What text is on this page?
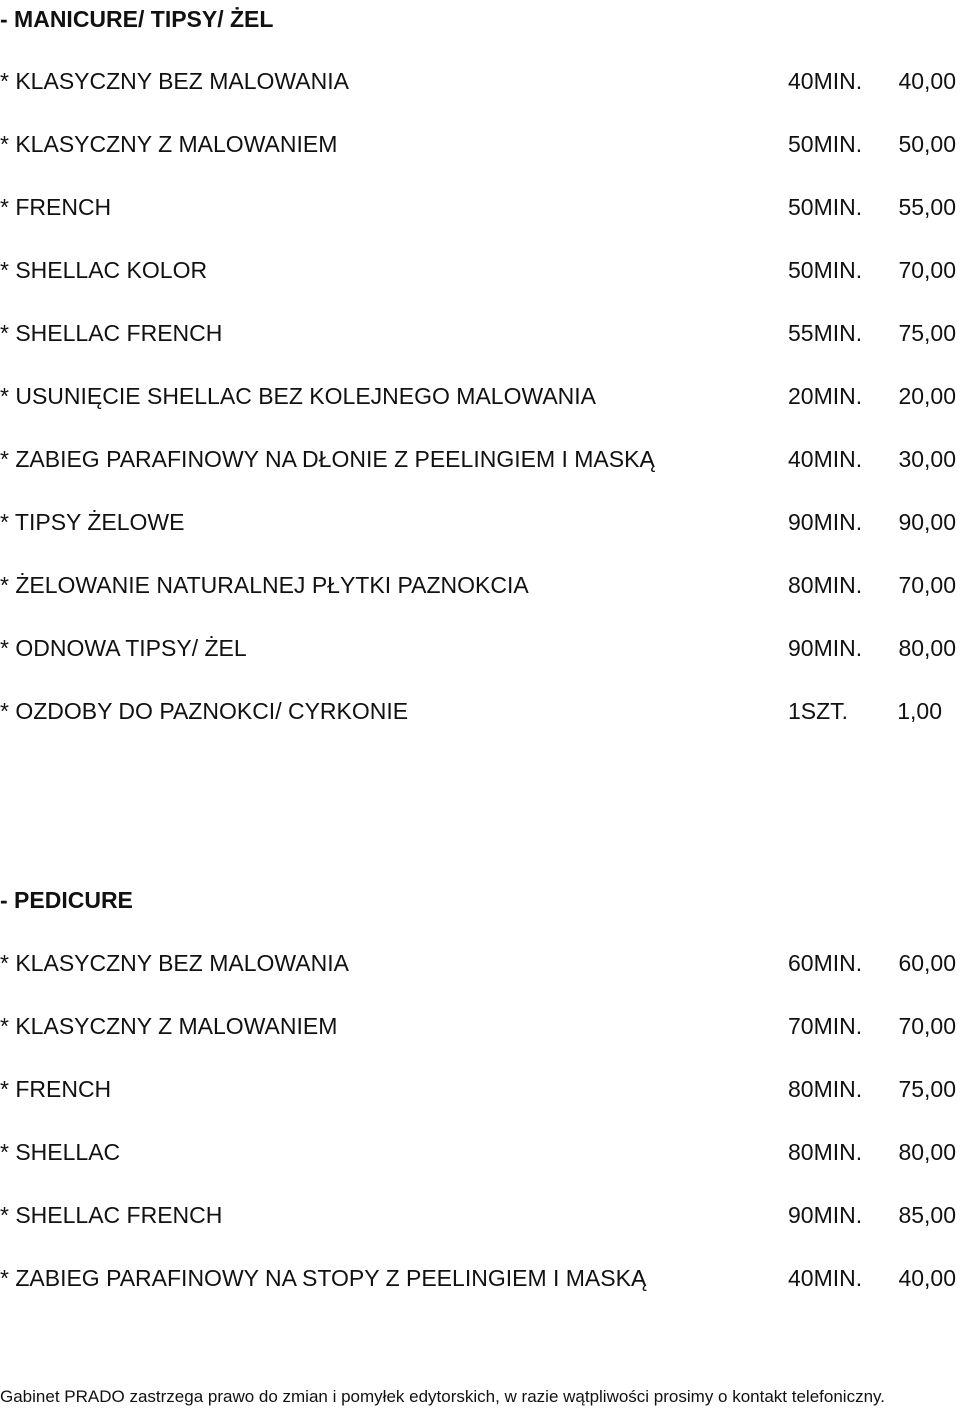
- MANICURE/ TIPSY/ ŻEL
* KLASYCZNY BEZ MALOWANIA	40MIN. 40,00
* KLASYCZNY Z MALOWANIEM	50MIN. 50,00
* FRENCH	50MIN. 55,00
* SHELLAC KOLOR	50MIN. 70,00
* SHELLAC FRENCH	55MIN. 75,00
* USUNIĘCIE SHELLAC BEZ KOLEJNEGO MALOWANIA	20MIN. 20,00
* ZABIEG PARAFINOWY NA DŁONIE Z PEELINGIEM I MASKĄ	40MIN. 30,00
* TIPSY ŻELOWE	90MIN. 90,00
* ŻELOWANIE NATURALNEJ PŁYTKI PAZNOKCIA	80MIN. 70,00
* ODNOWA TIPSY/ ŻEL	90MIN. 80,00
* OZDOBY DO PAZNOKCI/ CYRKONIE	1SZT. 1,00
- PEDICURE
* KLASYCZNY BEZ MALOWANIA	60MIN. 60,00
* KLASYCZNY Z MALOWANIEM	70MIN. 70,00
* FRENCH	80MIN. 75,00
* SHELLAC	80MIN. 80,00
* SHELLAC FRENCH	90MIN. 85,00
* ZABIEG PARAFINOWY NA STOPY Z PEELINGIEM I MASKĄ	40MIN. 40,00
Gabinet PRADO zastrzega prawo do zmian i pomyłek edytorskich, w razie wątpliwości prosimy o kontakt telefoniczny.
